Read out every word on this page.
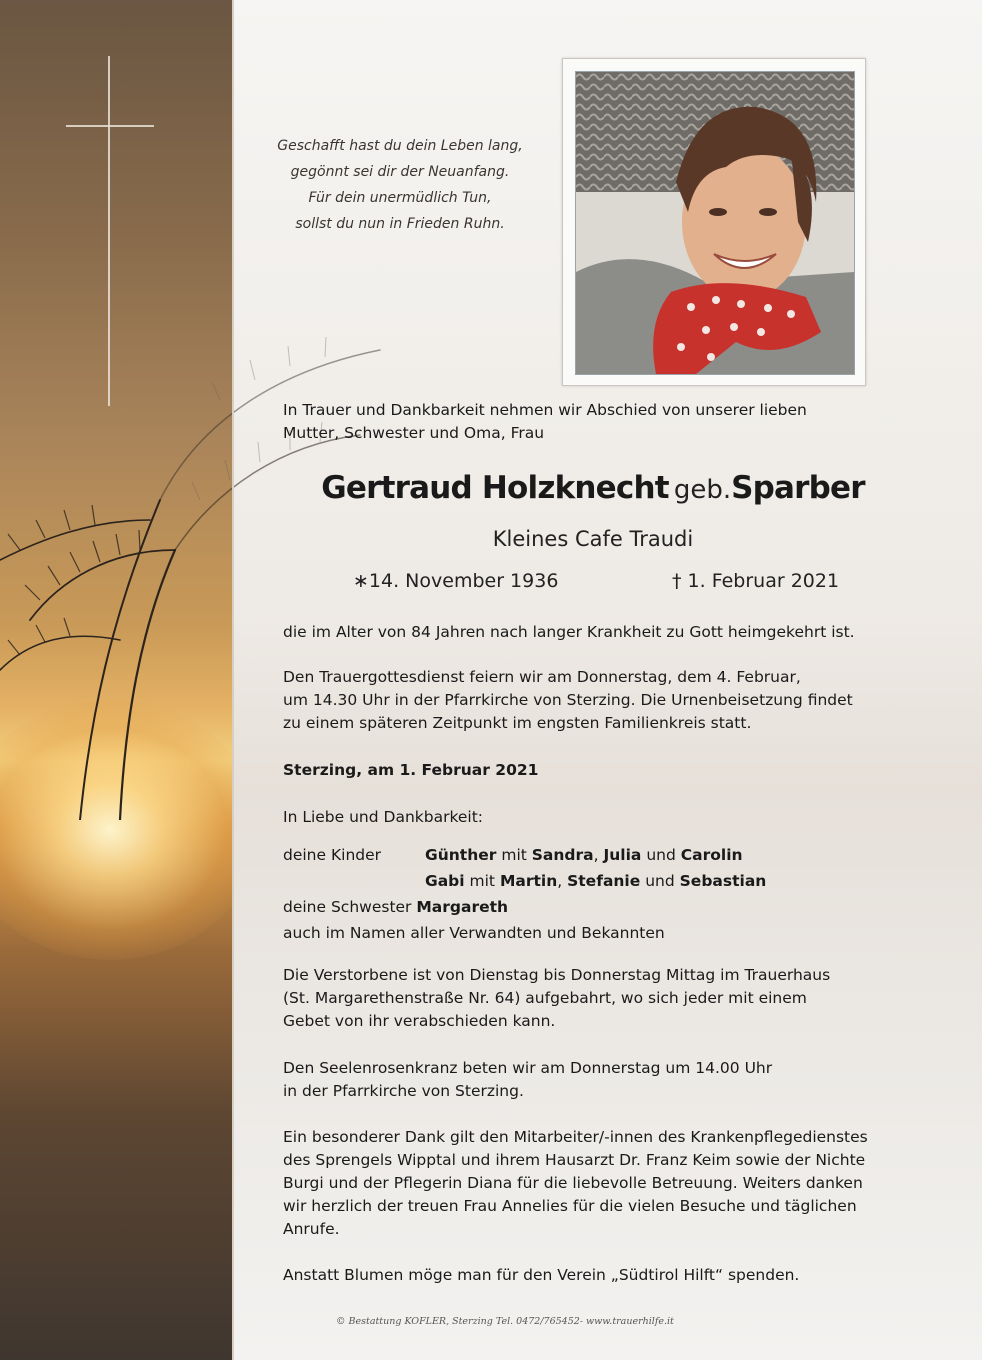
Geschafft hast du dein Leben lang,
gegönnt sei dir der Neuanfang.
Für dein unermüdlich Tun,
sollst du nun in Frieden Ruhn.
In Trauer und Dankbarkeit nehmen wir Abschied von unserer lieben
Mutter, Schwester und Oma, Frau
Gertraud Holzknecht geb.Sparber
Kleines Cafe Traudi
∗14. November 1936	† 1. Februar 2021
die im Alter von 84 Jahren nach langer Krankheit zu Gott heimgekehrt ist.
Den Trauergottesdienst feiern wir am Donnerstag, dem 4. Februar,
um 14.30 Uhr in der Pfarrkirche von Sterzing. Die Urnenbeisetzung findet
zu einem späteren Zeitpunkt im engsten Familienkreis statt.
Sterzing, am 1. Februar 2021
In Liebe und Dankbarkeit:
deine Kinder	Günther mit Sandra, Julia und Carolin
Gabi mit Martin, Stefanie und Sebastian
deine Schwester Margareth
auch im Namen aller Verwandten und Bekannten
Die Verstorbene ist von Dienstag bis Donnerstag Mittag im Trauerhaus
(St. Margarethenstraße Nr. 64) aufgebahrt, wo sich jeder mit einem
Gebet von ihr verabschieden kann.
Den Seelenrosenkranz beten wir am Donnerstag um 14.00 Uhr
in der Pfarrkirche von Sterzing.
Ein besonderer Dank gilt den Mitarbeiter/-innen des Krankenpflegedienstes
des Sprengels Wipptal und ihrem Hausarzt Dr. Franz Keim sowie der Nichte
Burgi und der Pflegerin Diana für die liebevolle Betreuung. Weiters danken
wir herzlich der treuen Frau Annelies für die vielen Besuche und täglichen
Anrufe.
Anstatt Blumen möge man für den Verein „Südtirol Hilft“ spenden.
© Bestattung KOFLER, Sterzing Tel. 0472/765452- www.trauerhilfe.it
